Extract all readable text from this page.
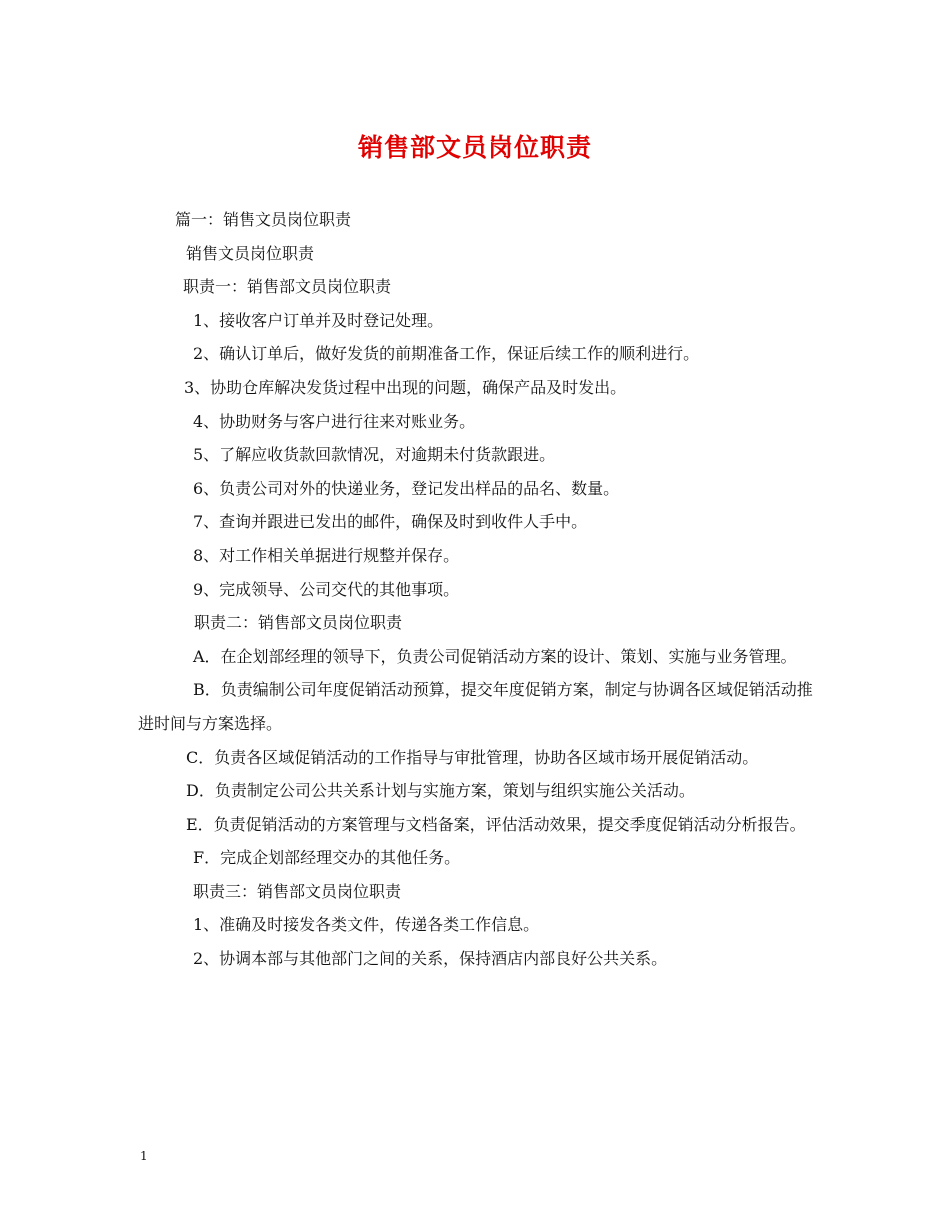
销售部文员岗位职责
篇一：销售文员岗位职责
销售文员岗位职责
职责一：销售部文员岗位职责
1、接收客户订单并及时登记处理。
2、确认订单后，做好发货的前期准备工作，保证后续工作的顺利进行。
3、协助仓库解决发货过程中出现的问题，确保产品及时发出。
4、协助财务与客户进行往来对账业务。
5、了解应收货款回款情况，对逾期未付货款跟进。
6、负责公司对外的快递业务，登记发出样品的品名、数量。
7、查询并跟进已发出的邮件，确保及时到收件人手中。
8、对工作相关单据进行规整并保存。
9、完成领导、公司交代的其他事项。
职责二：销售部文员岗位职责
A．在企划部经理的领导下，负责公司促销活动方案的设计、策划、实施与业务管理。
B．负责编制公司年度促销活动预算，提交年度促销方案，制定与协调各区域促销活动推进时间与方案选择。
C．负责各区域促销活动的工作指导与审批管理，协助各区域市场开展促销活动。
D．负责制定公司公共关系计划与实施方案，策划与组织实施公关活动。
E．负责促销活动的方案管理与文档备案，评估活动效果，提交季度促销活动分析报告。
F．完成企划部经理交办的其他任务。
职责三：销售部文员岗位职责
1、准确及时接发各类文件，传递各类工作信息。
2、协调本部与其他部门之间的关系，保持酒店内部良好公共关系。
1
